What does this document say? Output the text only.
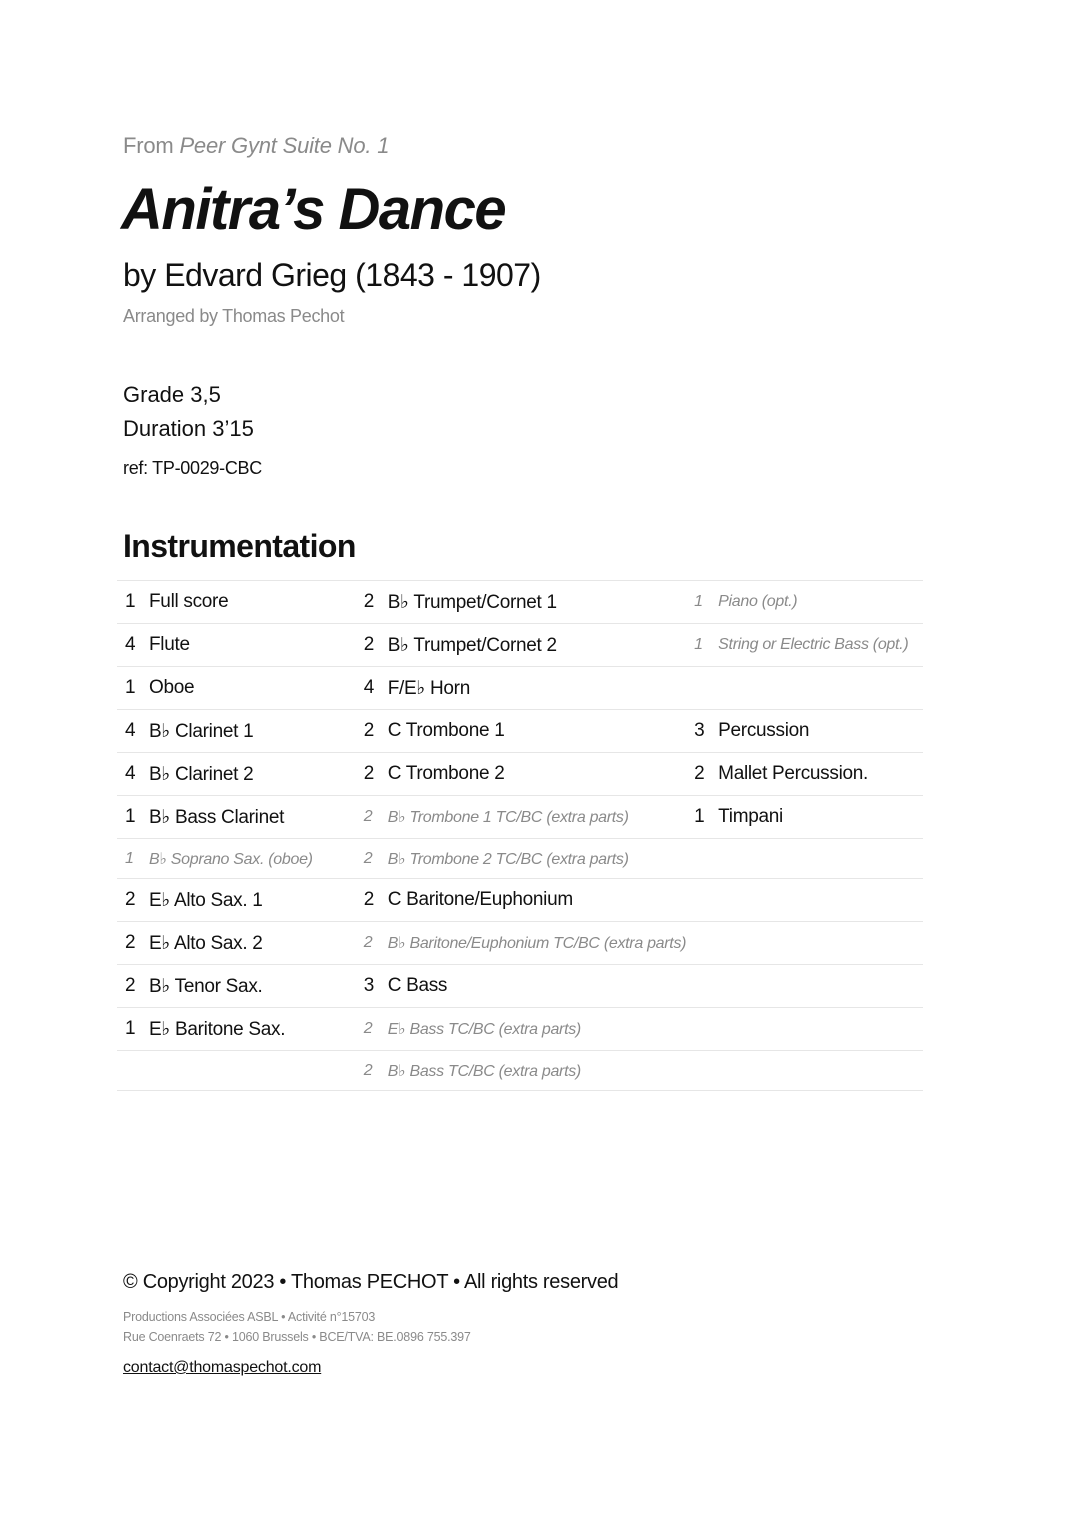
From Peer Gynt Suite No. 1
Anitra’s Dance
by Edvard Grieg (1843 - 1907)
Arranged by Thomas Pechot
Grade 3,5
Duration 3’15
ref: TP-0029-CBC
Instrumentation
1 Full score	2 B♭ Trumpet/Cornet 1	1 Piano (opt.)

4 Flute	2 B♭ Trumpet/Cornet 2	1 String or Electric Bass (opt.)

1 Oboe	4 F/E♭ Horn	

4 B♭ Clarinet 1	2 C Trombone 1	3 Percussion

4 B♭ Clarinet 2	2 C Trombone 2	2 Mallet Percussion.

1 B♭ Bass Clarinet	2 B♭ Trombone 1 TC/BC (extra parts)	1 Timpani

1 B♭ Soprano Sax. (oboe)	2 B♭ Trombone 2 TC/BC (extra parts)	

2 E♭ Alto Sax. 1	2 C Baritone/Euphonium	

2 E♭ Alto Sax. 2	2 B♭ Baritone/Euphonium TC/BC (extra parts)	

2 B♭ Tenor Sax.	3 C Bass	

1 E♭ Baritone Sax.	2 E♭ Bass TC/BC (extra parts)	

	2 B♭ Bass TC/BC (extra parts)	

© Copyright 2023 • Thomas PECHOT • All rights reserved
Productions Associées ASBL • Activité n°15703
Rue Coenraets 72 • 1060 Brussels • BCE/TVA: BE.0896 755.397
contact@thomaspechot.com
